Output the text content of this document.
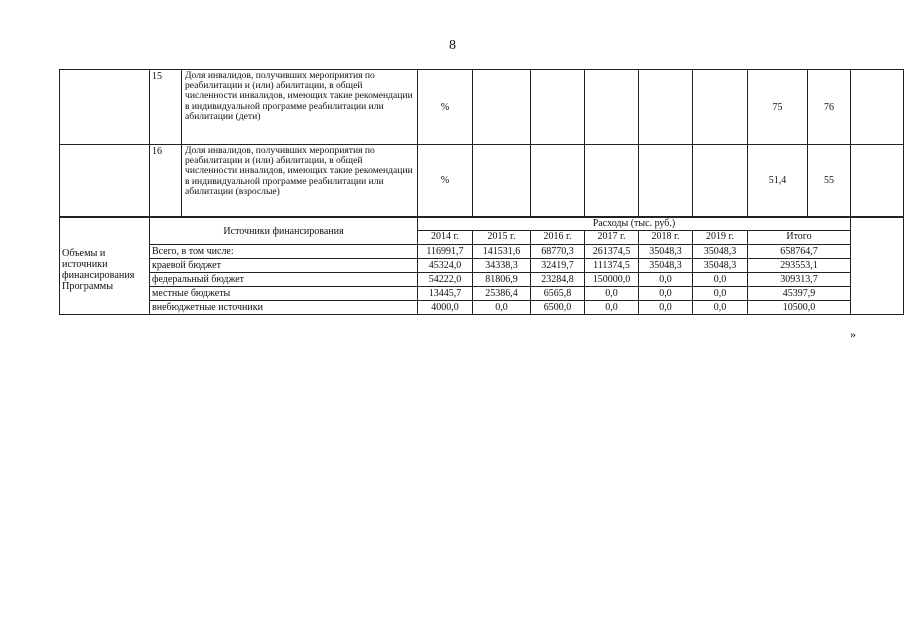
8
	15	Доля инвалидов, получивших мероприятия по реабилитации и (или) абилитации, в общей численности инвалидов, имеющих такие рекомендации в индивидуальной программе реабилитации или абилитации (дети)	%						75	76	
	16	Доля инвалидов, получивших мероприятия по реабилитации и (или) абилитации, в общей численности инвалидов, имеющих такие рекомендации в индивидуальной программе реабилитации или абилитации (взрослые)	%						51,4	55	
Объемы и источники финансирования Программы	Источники финансирования	Расходы (тыс. руб.)							
		2014 г.	2015 г.	2016 г.	2017 г.	2018 г.	2019 г.	Итого	
	Всего, в том числе:	116991,7	141531,6	68770,3	261374,5	35048,3	35048,3	658764,7	
	краевой бюджет	45324,0	34338,3	32419,7	111374,5	35048,3	35048,3	293553,1	
	федеральный бюджет	54222,0	81806,9	23284,8	150000,0	0,0	0,0	309313,7	
	местные бюджеты	13445,7	25386,4	6565,8	0,0	0,0	0,0	45397,9	
	внебюджетные источники	4000,0	0,0	6500,0	0,0	0,0	0,0	10500,0	
»
